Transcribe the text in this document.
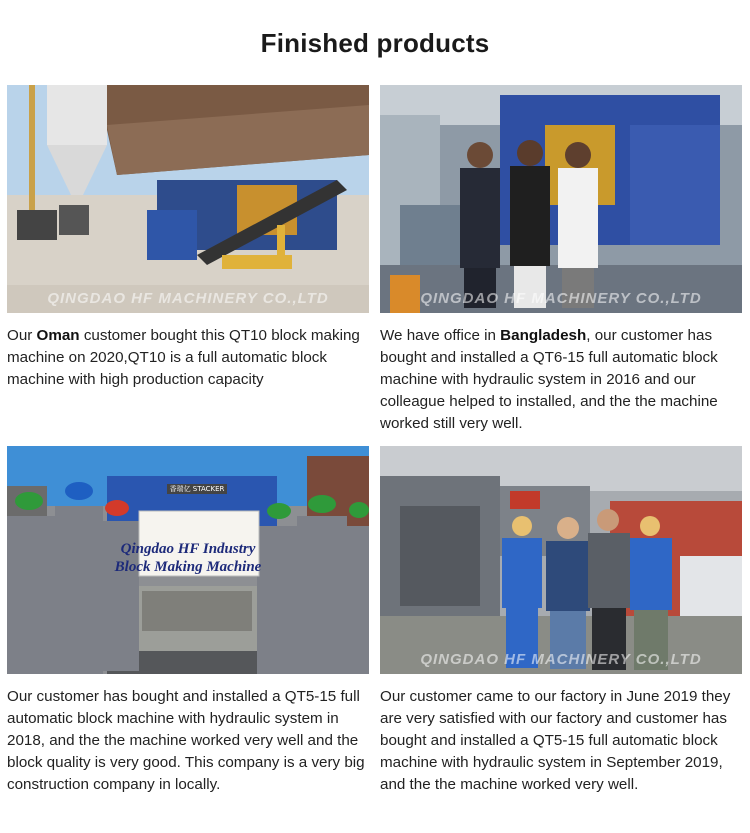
Finished products
QINGDAO HF MACHINERY CO.,LTD	QINGDAO HF MACHINERY CO.,LTD
Our Oman customer bought this QT10 block making machine on 2020,QT10 is a full automatic block machine with high production capacity
We have office in Bangladesh, our customer has bought and installed a QT6-15 full automatic block machine with hydraulic system in 2016 and our colleague helped to installed, and the the machine worked still very well.
香瑞亿 STACKER
Qingdao HF Industry
Block Making Machine
QINGDAO HF MACHINERY CO.,LTD
Our customer has bought and installed a QT5-15 full automatic block machine with hydraulic system in 2018, and the the machine worked very well and the block quality is very good. This company is a very big construction company in locally.
Our customer came to our factory in June 2019 they are very satisfied with our factory and customer has bought and installed a QT5-15 full automatic block machine with hydraulic system in September 2019, and the the machine worked very well.
